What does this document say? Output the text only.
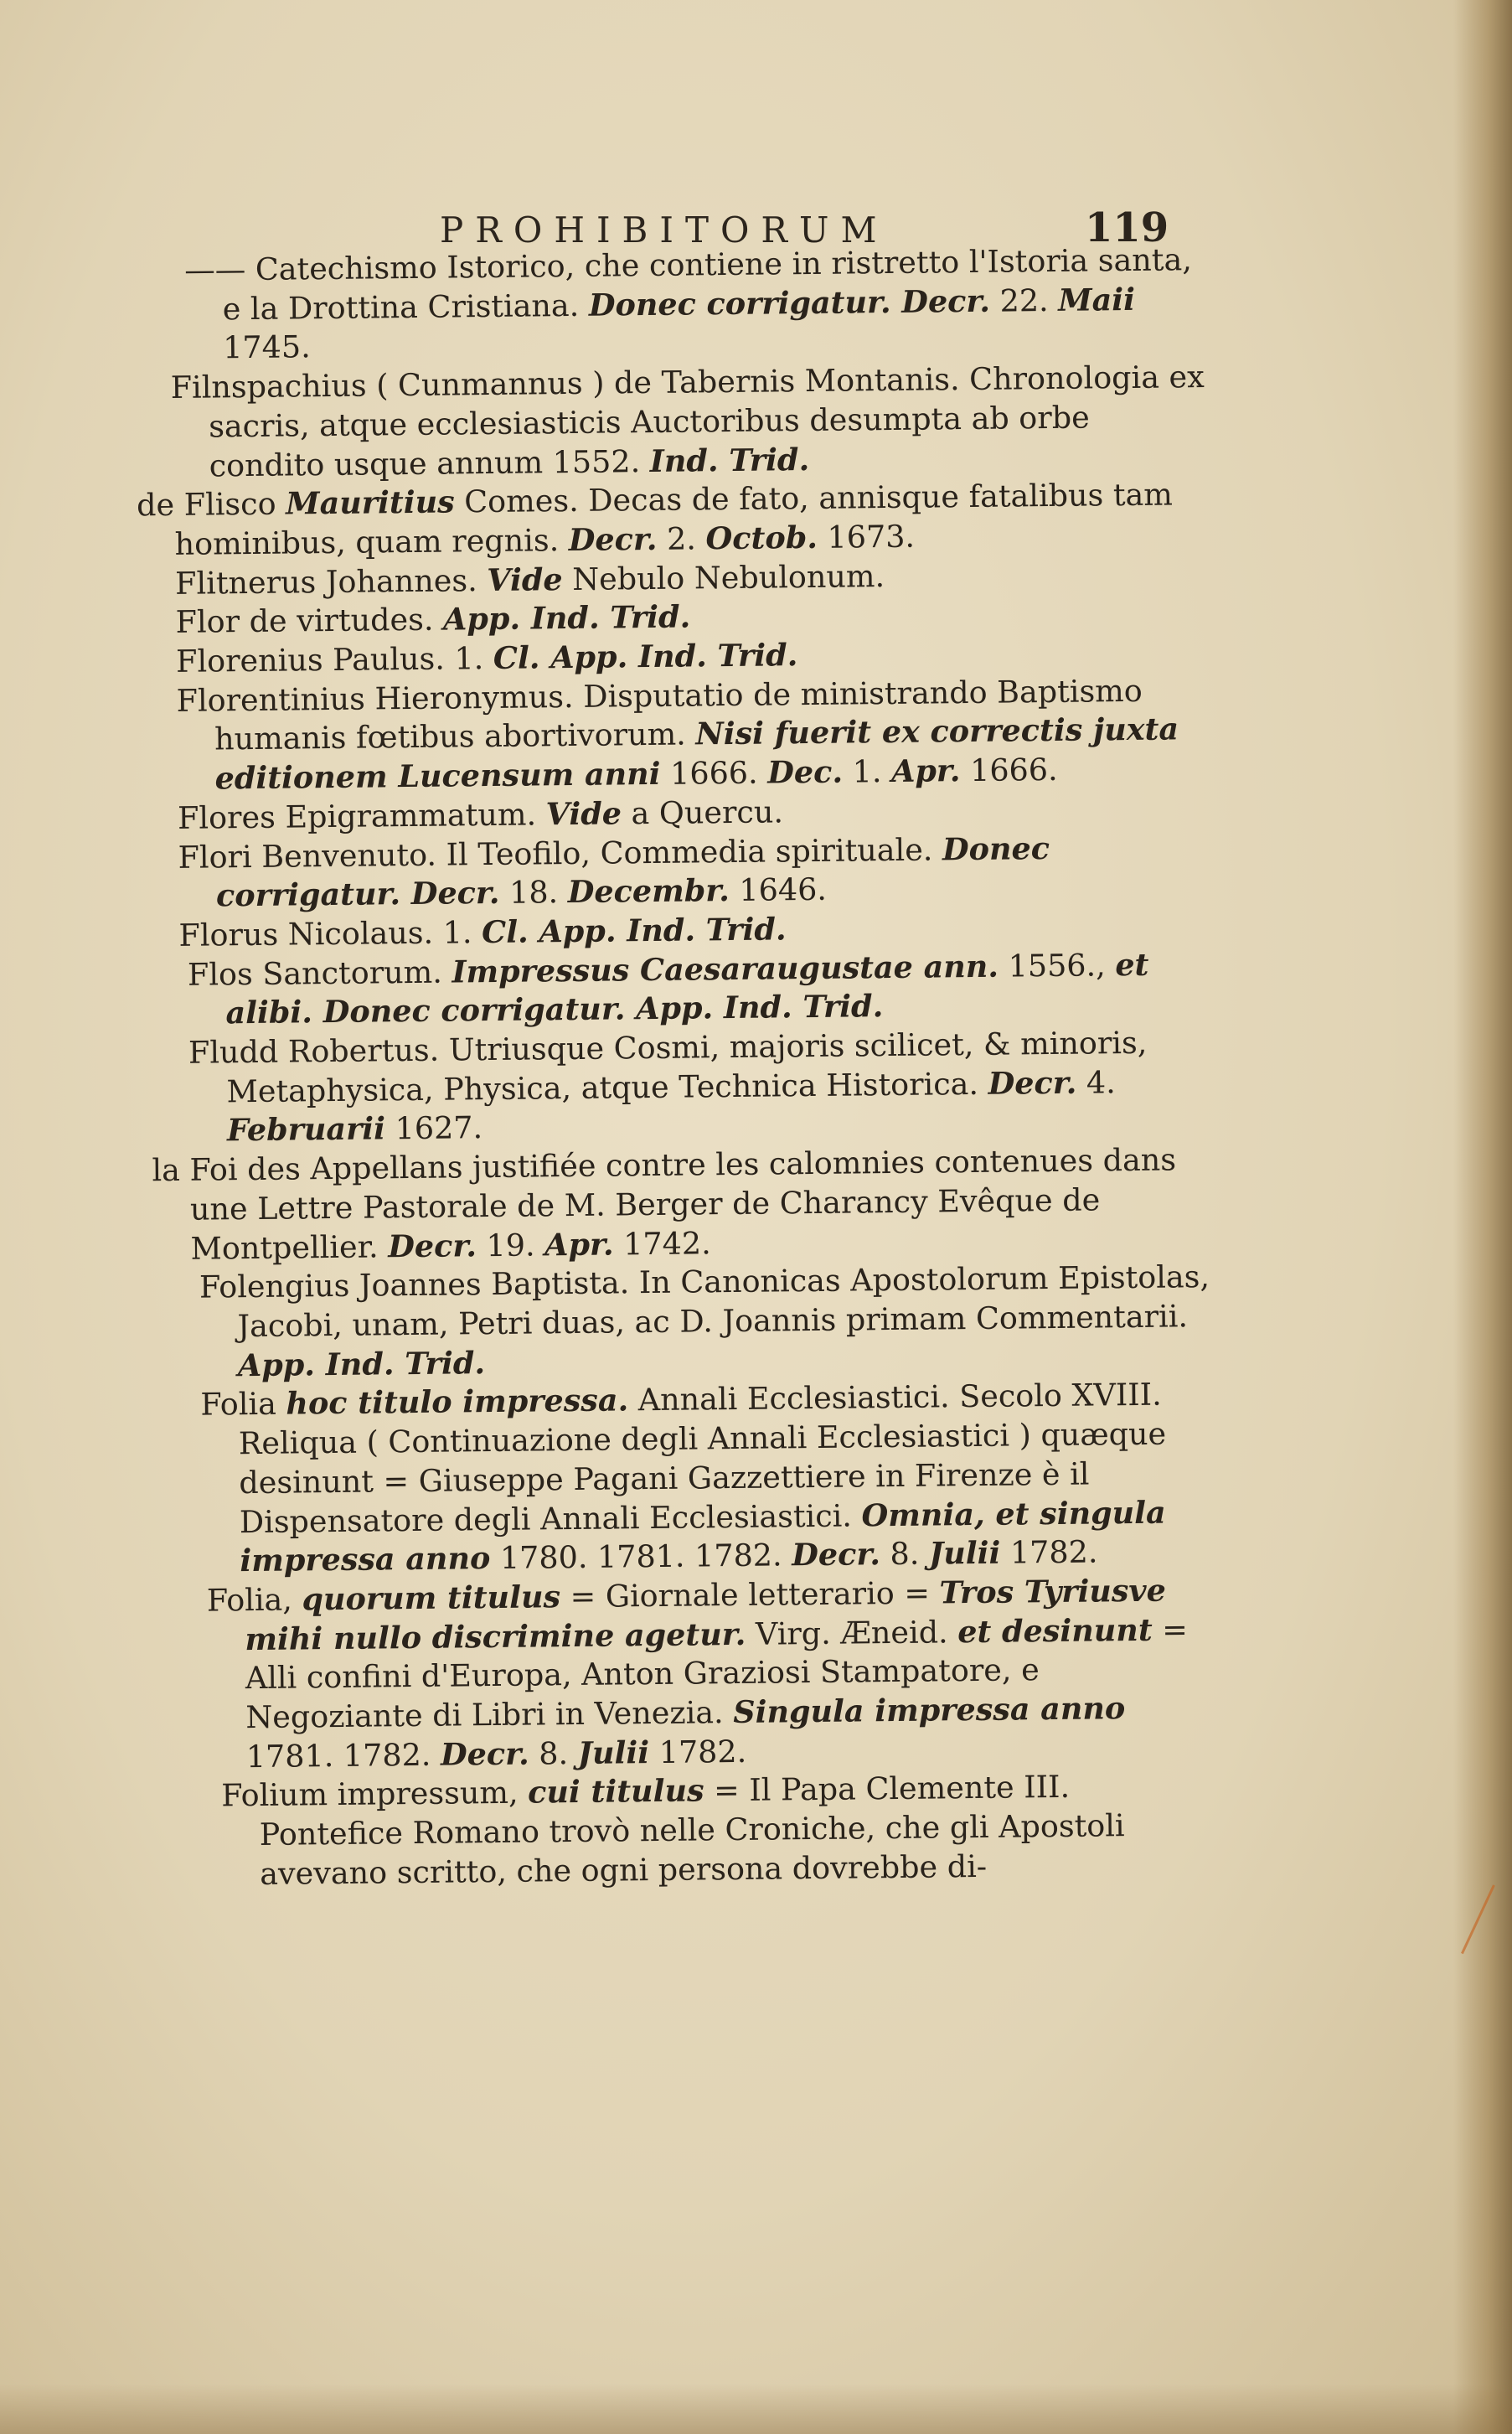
PROHIBITORUM	119
—— Catechismo Istorico, che contiene in ristretto l'Istoria santa, e la Drottina Cristiana. Donec corrigatur. Decr. 22. Maii 1745.
Filnspachius ( Cunmannus ) de Tabernis Montanis. Chronologia ex sacris, atque ecclesiasticis Auctoribus desumpta ab orbe condito usque annum 1552. Ind. Trid.
de Flisco Mauritius Comes. Decas de fato, annisque fatalibus tam hominibus, quam regnis. Decr. 2. Octob. 1673.
Flitnerus Johannes. Vide Nebulo Nebulonum.
Flor de virtudes. App. Ind. Trid.
Florenius Paulus. 1. Cl. App. Ind. Trid.
Florentinius Hieronymus. Disputatio de ministrando Baptismo humanis fœtibus abortivorum. Nisi fuerit ex correctis juxta editionem Lucensum anni 1666. Dec. 1. Apr. 1666.
Flores Epigrammatum. Vide a Quercu.
Flori Benvenuto. Il Teofilo, Commedia spirituale. Donec corrigatur. Decr. 18. Decembr. 1646.
Florus Nicolaus. 1. Cl. App. Ind. Trid.
Flos Sanctorum. Impressus Caesaraugustae ann. 1556., et alibi. Donec corrigatur. App. Ind. Trid.
Fludd Robertus. Utriusque Cosmi, majoris scilicet, & minoris, Metaphysica, Physica, atque Technica Historica. Decr. 4. Februarii 1627.
la Foi des Appellans justifiée contre les calomnies contenues dans une Lettre Pastorale de M. Berger de Charancy Evêque de Montpellier. Decr. 19. Apr. 1742.
Folengius Joannes Baptista. In Canonicas Apostolorum Epistolas, Jacobi, unam, Petri duas, ac D. Joannis primam Commentarii. App. Ind. Trid.
Folia hoc titulo impressa. Annali Ecclesiastici. Secolo XVIII. Reliqua ( Continuazione degli Annali Ecclesiastici ) quæque desinunt = Giuseppe Pagani Gazzettiere in Firenze è il Dispensatore degli Annali Ecclesiastici. Omnia, et singula impressa anno 1780. 1781. 1782. Decr. 8. Julii 1782.
Folia, quorum titulus = Giornale letterario = Tros Tyriusve mihi nullo discrimine agetur. Virg. Æneid. et desinunt = Alli confini d'Europa, Anton Graziosi Stampatore, e Negoziante di Libri in Venezia. Singula impressa anno 1781. 1782. Decr. 8. Julii 1782.
Folium impressum, cui titulus = Il Papa Clemente III. Pontefice Romano trovò nelle Croniche, che gli Apostoli avevano scritto, che ogni persona dovrebbe di-
